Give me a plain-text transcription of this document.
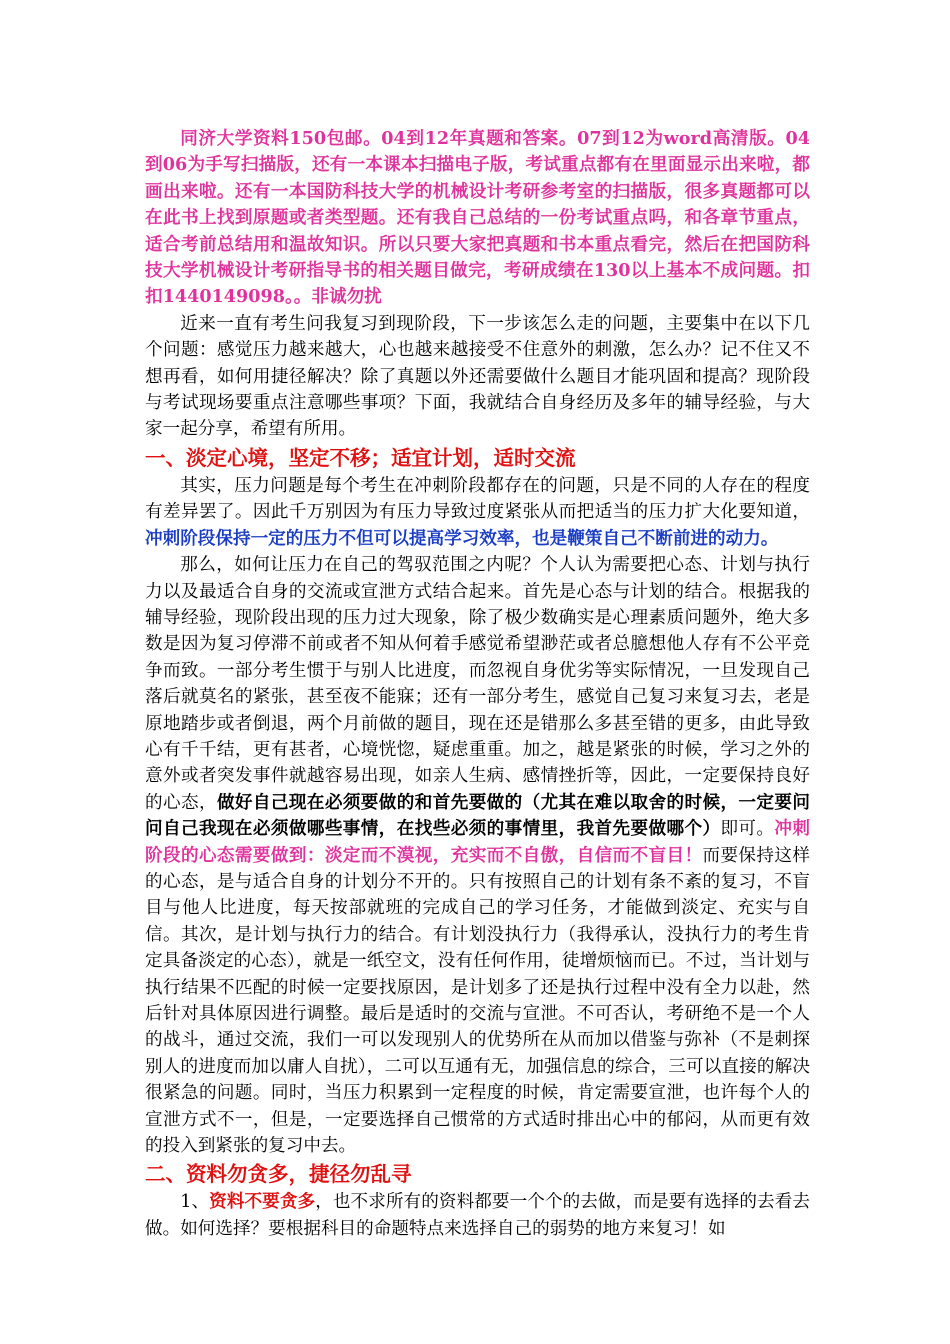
同济大学资料150包邮。04到12年真题和答案。07到12为word高清版。04到06为手写扫描版，还有一本课本扫描电子版，考试重点都有在里面显示出来啦，都画出来啦。还有一本国防科技大学的机械设计考研参考室的扫描版，很多真题都可以在此书上找到原题或者类型题。还有我自己总结的一份考试重点吗，和各章节重点，适合考前总结用和温故知识。所以只要大家把真题和书本重点看完，然后在把国防科技大学机械设计考研指导书的相关题目做完，考研成绩在130以上基本不成问题。扣扣1440149098。。非诚勿扰

近来一直有考生问我复习到现阶段，下一步该怎么走的问题，主要集中在以下几个问题：感觉压力越来越大，心也越来越接受不住意外的刺激，怎么办？记不住又不想再看，如何用捷径解决？除了真题以外还需要做什么题目才能巩固和提高？现阶段与考试现场要重点注意哪些事项？下面，我就结合自身经历及多年的辅导经验，与大家一起分享，希望有所用。

一、淡定心境，坚定不移；适宜计划，适时交流

其实，压力问题是每个考生在冲刺阶段都存在的问题，只是不同的人存在的程度有差异罢了。因此千万别因为有压力导致过度紧张从而把适当的压力扩大化要知道，冲刺阶段保持一定的压力不但可以提高学习效率，也是鞭策自己不断前进的动力。

那么，如何让压力在自己的驾驭范围之内呢？个人认为需要把心态、计划与执行力以及最适合自身的交流或宣泄方式结合起来。首先是心态与计划的结合。根据我的辅导经验，现阶段出现的压力过大现象，除了极少数确实是心理素质问题外，绝大多数是因为复习停滞不前或者不知从何着手感觉希望渺茫或者总臆想他人存有不公平竞争而致。一部分考生惯于与别人比进度，而忽视自身优劣等实际情况，一旦发现自己落后就莫名的紧张，甚至夜不能寐；还有一部分考生，感觉自己复习来复习去，老是原地踏步或者倒退，两个月前做的题目，现在还是错那么多甚至错的更多，由此导致心有千千结，更有甚者，心境恍惚，疑虑重重。加之，越是紧张的时候，学习之外的意外或者突发事件就越容易出现，如亲人生病、感情挫折等，因此，一定要保持良好的心态，做好自己现在必须要做的和首先要做的（尤其在难以取舍的时候，一定要问问自己我现在必须做哪些事情，在找些必须的事情里，我首先要做哪个）即可。冲刺阶段的心态需要做到：淡定而不漠视，充实而不自傲，自信而不盲目！而要保持这样的心态，是与适合自身的计划分不开的。只有按照自己的计划有条不紊的复习，不盲目与他人比进度，每天按部就班的完成自己的学习任务，才能做到淡定、充实与自信。其次，是计划与执行力的结合。有计划没执行力（我得承认，没执行力的考生肯定具备淡定的心态），就是一纸空文，没有任何作用，徒增烦恼而已。不过，当计划与执行结果不匹配的时候一定要找原因，是计划多了还是执行过程中没有全力以赴，然后针对具体原因进行调整。最后是适时的交流与宣泄。不可否认，考研绝不是一个人的战斗，通过交流，我们一可以发现别人的优势所在从而加以借鉴与弥补（不是刺探别人的进度而加以庸人自扰），二可以互通有无，加强信息的综合，三可以直接的解决很紧急的问题。同时，当压力积累到一定程度的时候，肯定需要宣泄，也许每个人的宣泄方式不一，但是，一定要选择自己惯常的方式适时排出心中的郁闷，从而更有效的投入到紧张的复习中去。

二、资料勿贪多，捷径勿乱寻

1、资料不要贪多，也不求所有的资料都要一个个的去做，而是要有选择的去看去做。如何选择？要根据科目的命题特点来选择自己的弱势的地方来复习！如
